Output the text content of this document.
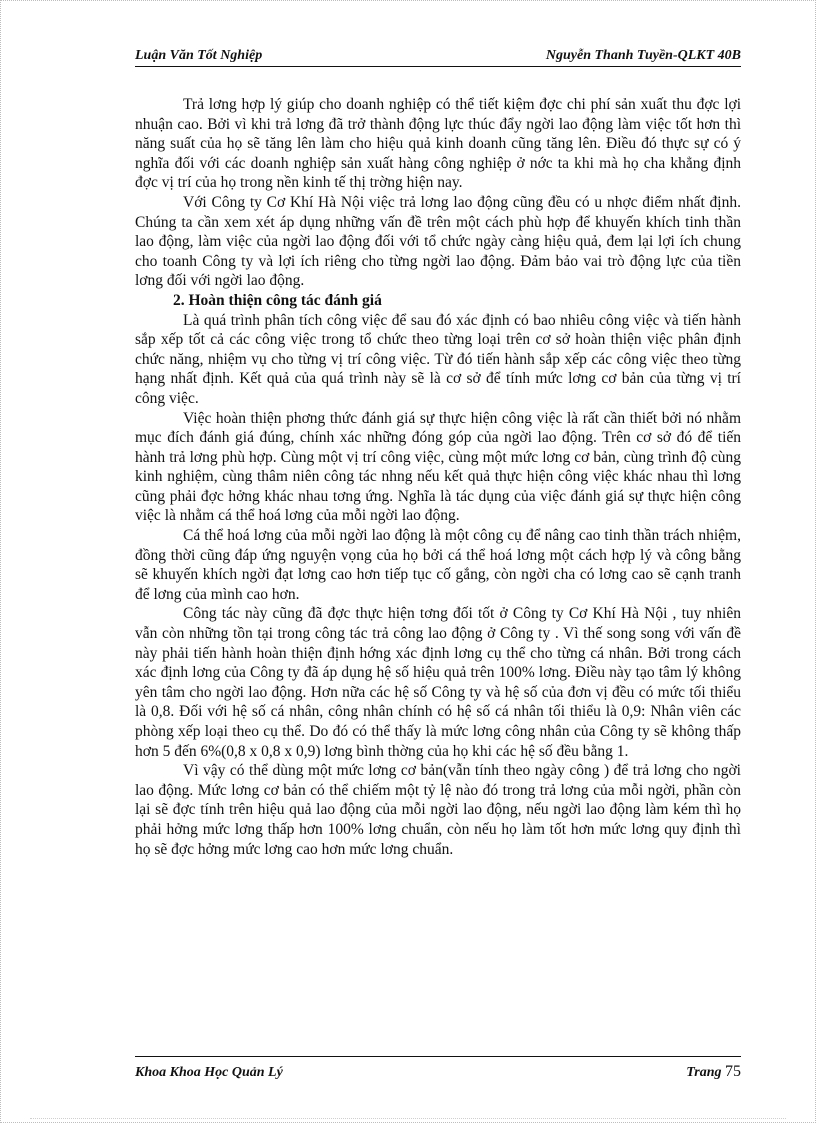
Luận Văn Tốt Nghiệp	Nguyễn Thanh Tuyền-QLKT 40B

Trả lơng hợp lý giúp cho doanh nghiệp có thể tiết kiệm đợc chi phí sản xuất thu đợc lợi nhuận cao. Bởi vì khi trả lơng đã trở thành động lực thúc đẩy ngời lao động làm việc tốt hơn thì năng suất của họ sẽ tăng lên làm cho hiệu quả kinh doanh cũng tăng lên. Điều đó thực sự có ý nghĩa đối với các doanh nghiệp sản xuất hàng công nghiệp ở nớc ta khi mà họ cha khẳng định đợc vị trí của họ trong nền kinh tế thị trờng hiện nay.

Với Công ty Cơ Khí Hà Nội việc trả lơng lao động cũng đều có u nhợc điểm nhất định. Chúng ta cần xem xét áp dụng những vấn đề trên một cách phù hợp để khuyến khích tinh thần lao động, làm việc của ngời lao động đối với tổ chức ngày càng hiệu quả, đem lại lợi ích chung cho toanh Công ty và lợi ích riêng cho từng ngời lao động. Đảm bảo vai trò động lực của tiền lơng đối với ngời lao động.

2. Hoàn thiện công tác đánh giá

Là quá trình phân tích công việc để sau đó xác định có bao nhiêu công việc và tiến hành sắp xếp tốt cả các công việc trong tổ chức theo từng loại trên cơ sở hoàn thiện việc phân định chức năng, nhiệm vụ cho từng vị trí công việc. Từ đó tiến hành sắp xếp các công việc theo từng hạng nhất định. Kết quả của quá trình này sẽ là cơ sở để tính mức lơng cơ bản của từng vị trí công việc.

Việc hoàn thiện phơng thức đánh giá sự thực hiện công việc là rất cần thiết bởi nó nhằm mục đích đánh giá đúng, chính xác những đóng góp của ngời lao động. Trên cơ sở đó để tiến hành trả lơng phù hợp. Cùng một vị trí công việc, cùng một mức lơng cơ bản, cùng trình độ cùng kinh nghiệm, cùng thâm niên công tác nhng nếu kết quả thực hiện công việc khác nhau thì lơng cũng phải đợc hởng khác nhau tơng ứng. Nghĩa là tác dụng của việc đánh giá sự thực hiện công việc là nhằm cá thể hoá lơng của mỗi ngời lao động.

Cá thể hoá lơng của mỗi ngời lao động là một công cụ để nâng cao tinh thần trách nhiệm, đồng thời cũng đáp ứng nguyện vọng của họ bởi cá thể hoá lơng một cách hợp lý và công bằng sẽ khuyến khích ngời đạt lơng cao hơn tiếp tục cố gắng, còn ngời cha có lơng cao sẽ cạnh tranh để lơng của mình cao hơn.

Công tác này cũng đã đợc thực hiện tơng đối tốt ở Công ty Cơ Khí Hà Nội , tuy nhiên vẫn còn những tồn tại trong công tác trả công lao động ở Công ty . Vì thế song song với vấn đề này phải tiến hành hoàn thiện định hớng xác định lơng cụ thể cho từng cá nhân. Bởi trong cách xác định lơng của Công ty đã áp dụng hệ số hiệu quả trên 100% lơng. Điều này tạo tâm lý không yên tâm cho ngời lao động. Hơn nữa các hệ số Công ty và hệ số của đơn vị đều có mức tối thiểu là 0,8. Đối với hệ số cá nhân, công nhân chính có hệ số cá nhân tối thiểu là 0,9: Nhân viên các phòng xếp loại theo cụ thể. Do đó có thể thấy là mức lơng công nhân của Công ty sẽ không thấp hơn 5 đến 6%(0,8 x 0,8 x 0,9) lơng bình thờng của họ khi các hệ số đều bằng 1.

Vì vậy có thể dùng một mức lơng cơ bản(vẫn tính theo ngày công ) để trả lơng cho ngời lao động. Mức lơng cơ bản có thể chiếm một tỷ lệ nào đó trong trả lơng của mỗi ngời, phần còn lại sẽ đợc tính trên hiệu quả lao động của mỗi ngời lao động, nếu ngời lao động làm kém thì họ phải hởng mức lơng thấp hơn 100% lơng chuẩn, còn nếu họ làm tốt hơn mức lơng quy định thì họ sẽ đợc hởng mức lơng cao hơn mức lơng chuẩn.

Khoa Khoa Học Quản Lý	Trang 75
